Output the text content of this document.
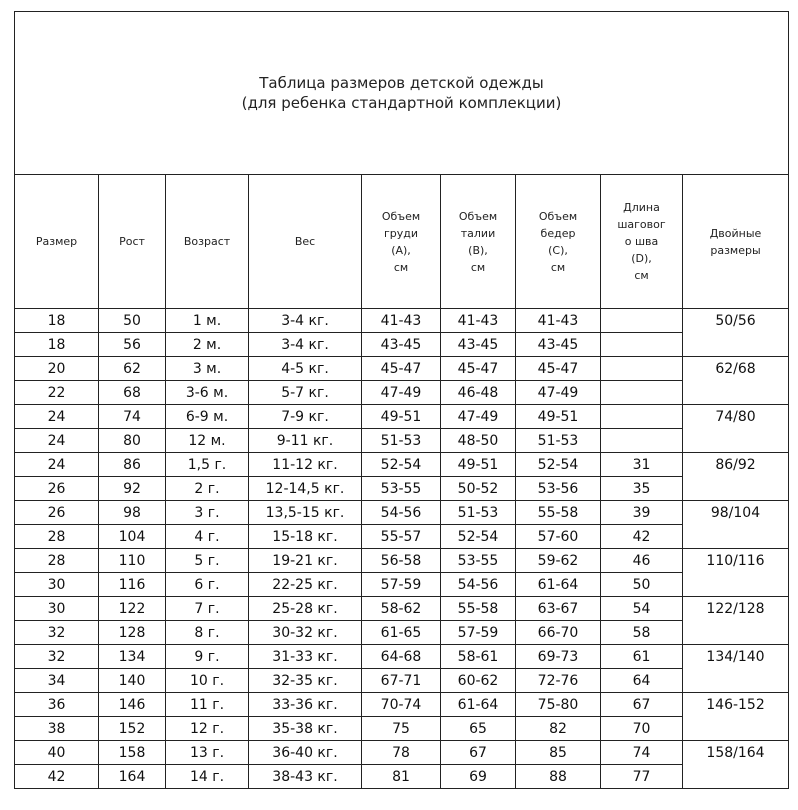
Таблица размеров детской одежды
(для ребенка стандартной комплекции)								

Размер	Рост	Возраст	Вес	Объем
груди
(A),
см	Объем
талии
(B),
см	Объем
бедер
(C),
см	Длина
шаговог
о шва
(D),
см	Двойные
размеры

18	50	1 м.	3-4 кг.	41-43	41-43	41-43		50/56
18	56	2 м.	3-4 кг.	43-45	43-45	43-45		
20	62	3 м.	4-5 кг.	45-47	45-47	45-47		62/68
22	68	3-6 м.	5-7 кг.	47-49	46-48	47-49		
24	74	6-9 м.	7-9 кг.	49-51	47-49	49-51		74/80
24	80	12 м.	9-11 кг.	51-53	48-50	51-53		
24	86	1,5 г.	11-12 кг.	52-54	49-51	52-54	31	86/92
26	92	2 г.	12-14,5 кг.	53-55	50-52	53-56	35	
26	98	3 г.	13,5-15 кг.	54-56	51-53	55-58	39	98/104
28	104	4 г.	15-18 кг.	55-57	52-54	57-60	42	
28	110	5 г.	19-21 кг.	56-58	53-55	59-62	46	110/116
30	116	6 г.	22-25 кг.	57-59	54-56	61-64	50	
30	122	7 г.	25-28 кг.	58-62	55-58	63-67	54	122/128
32	128	8 г.	30-32 кг.	61-65	57-59	66-70	58	
32	134	9 г.	31-33 кг.	64-68	58-61	69-73	61	134/140
34	140	10 г.	32-35 кг.	67-71	60-62	72-76	64	
36	146	11 г.	33-36 кг.	70-74	61-64	75-80	67	146-152
38	152	12 г.	35-38 кг.	75	65	82	70	
40	158	13 г.	36-40 кг.	78	67	85	74	158/164
42	164	14 г.	38-43 кг.	81	69	88	77	
